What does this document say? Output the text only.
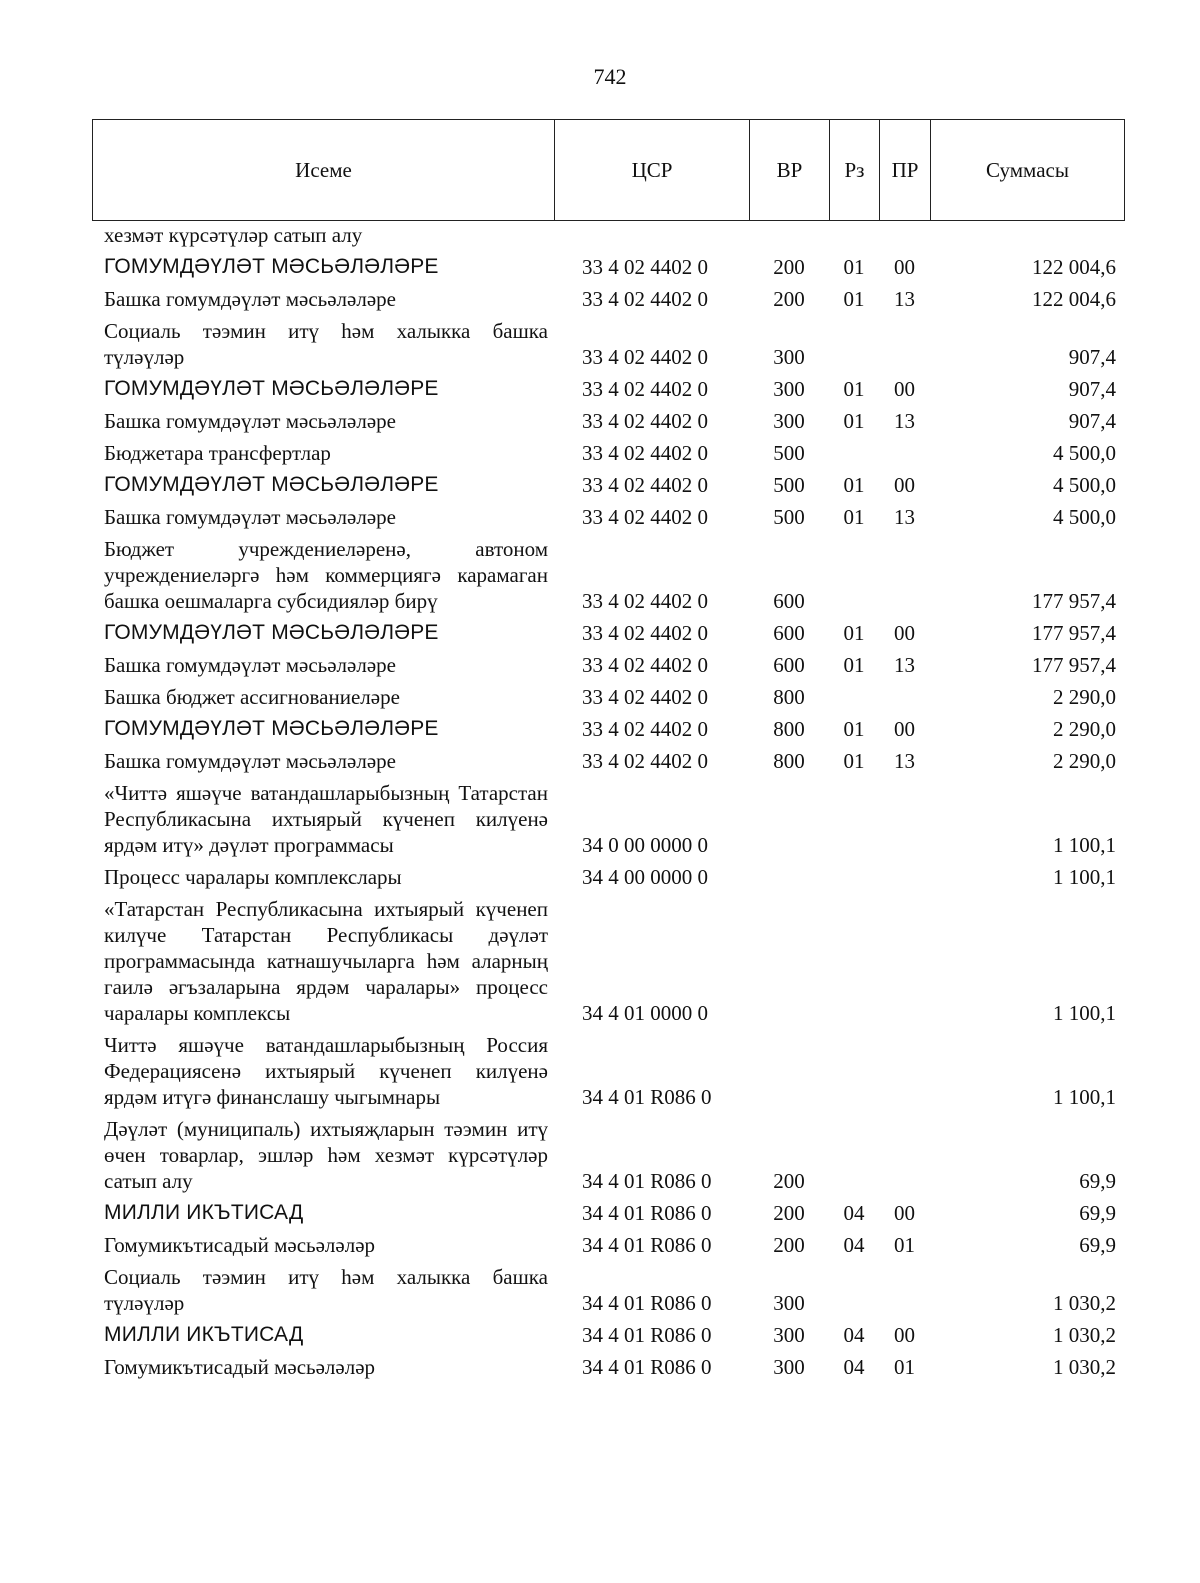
742
Исеме	ЦСР	ВР	Рз	ПР	Суммасы
хезмәт күрсәтүләр сатып алу					
ГОМУМДӘҮЛӘТ МӘСЬӘЛӘЛӘРЕ	33 4 02 4402 0	200	01	00	122 004,6
Башка гомумдәүләт мәсьәләләре	33 4 02 4402 0	200	01	13	122 004,6
Социаль тәэмин итү һәм халыкка башка түләүләр	33 4 02 4402 0	300			907,4
ГОМУМДӘҮЛӘТ МӘСЬӘЛӘЛӘРЕ	33 4 02 4402 0	300	01	00	907,4
Башка гомумдәүләт мәсьәләләре	33 4 02 4402 0	300	01	13	907,4
Бюджетара трансфертлар	33 4 02 4402 0	500			4 500,0
ГОМУМДӘҮЛӘТ МӘСЬӘЛӘЛӘРЕ	33 4 02 4402 0	500	01	00	4 500,0
Башка гомумдәүләт мәсьәләләре	33 4 02 4402 0	500	01	13	4 500,0
Бюджет учреждениеләренә, автоном учреждениеләргә һәм коммерциягә карамаган башка оешмаларга субсидияләр бирү	33 4 02 4402 0	600			177 957,4
ГОМУМДӘҮЛӘТ МӘСЬӘЛӘЛӘРЕ	33 4 02 4402 0	600	01	00	177 957,4
Башка гомумдәүләт мәсьәләләре	33 4 02 4402 0	600	01	13	177 957,4
Башка бюджет ассигнованиеләре	33 4 02 4402 0	800			2 290,0
ГОМУМДӘҮЛӘТ МӘСЬӘЛӘЛӘРЕ	33 4 02 4402 0	800	01	00	2 290,0
Башка гомумдәүләт мәсьәләләре	33 4 02 4402 0	800	01	13	2 290,0
«Читтә яшәүче ватандашларыбызның Татарстан Республикасына ихтыярый күченеп килүенә ярдәм итү» дәүләт программасы	34 0 00 0000 0				1 100,1
Процесс чаралары комплекслары	34 4 00 0000 0				1 100,1
«Татарстан Республикасына ихтыярый күченеп килүче Татарстан Республикасы дәүләт программасында катнашучыларга һәм аларның гаилә әгъзаларына ярдәм чаралары» процесс чаралары комплексы	34 4 01 0000 0				1 100,1
Читтә яшәүче ватандашларыбызның Россия Федерациясенә ихтыярый күченеп килүенә ярдәм итүгә финанслашу чыгымнары	34 4 01 R086 0				1 100,1
Дәүләт (муниципаль) ихтыяҗларын тәэмин итү өчен товарлар, эшләр һәм хезмәт күрсәтүләр сатып алу	34 4 01 R086 0	200			69,9
МИЛЛИ ИКЪТИСАД	34 4 01 R086 0	200	04	00	69,9
Гомумикътисадый мәсьәләләр	34 4 01 R086 0	200	04	01	69,9
Социаль тәэмин итү һәм халыкка башка түләүләр	34 4 01 R086 0	300			1 030,2
МИЛЛИ ИКЪТИСАД	34 4 01 R086 0	300	04	00	1 030,2
Гомумикътисадый мәсьәләләр	34 4 01 R086 0	300	04	01	1 030,2
